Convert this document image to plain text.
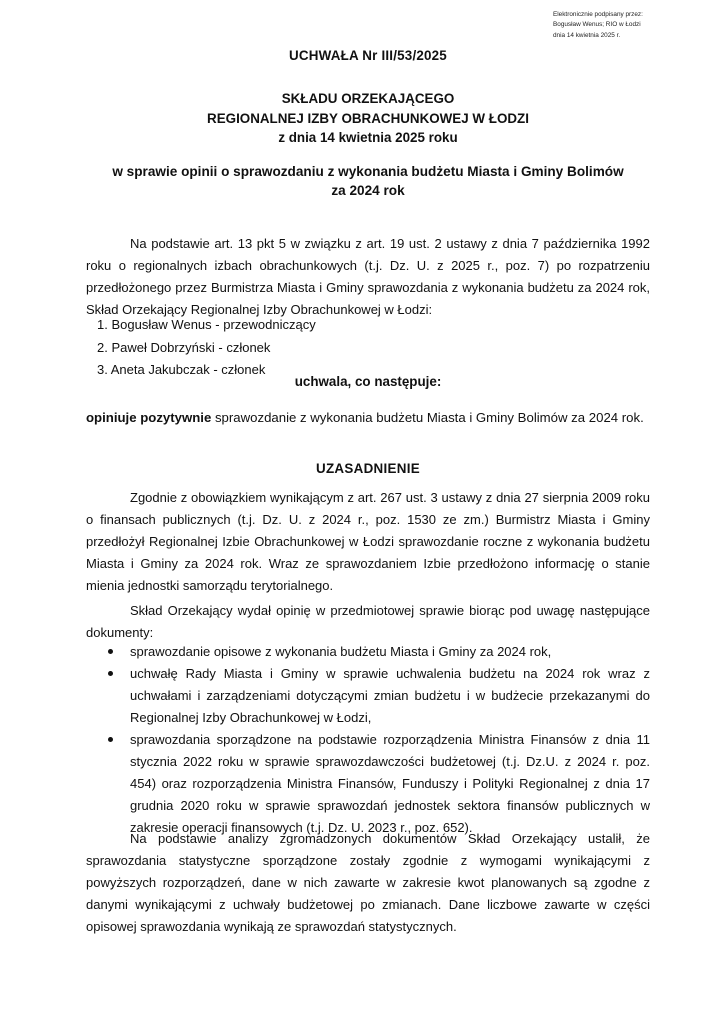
Elektronicznie podpisany przez:
Bogusław Wenus; RIO w Łodzi
dnia 14 kwietnia 2025 r.
UCHWAŁA Nr III/53/2025
SKŁADU ORZEKAJĄCEGO
REGIONALNEJ IZBY OBRACHUNKOWEJ W ŁODZI
z dnia 14 kwietnia 2025 roku
w sprawie opinii o sprawozdaniu z wykonania budżetu Miasta i Gminy Bolimów
za 2024 rok

Na podstawie art. 13 pkt 5 w związku z art. 19 ust. 2 ustawy z dnia 7 października 1992 roku o regionalnych izbach obrachunkowych (t.j. Dz. U. z 2025 r., poz. 7) po rozpatrzeniu przedłożonego przez Burmistrza Miasta i Gminy sprawozdania z wykonania budżetu za 2024 rok, Skład Orzekający Regionalnej Izby Obrachunkowej w Łodzi:

1. Bogusław Wenus - przewodniczący
2. Paweł Dobrzyński - członek
3. Aneta Jakubczak - członek
uchwala, co następuje:
opiniuje pozytywnie sprawozdanie z wykonania budżetu Miasta i Gminy Bolimów za 2024 rok.
UZASADNIENIE

Zgodnie z obowiązkiem wynikającym z art. 267 ust. 3 ustawy z dnia 27 sierpnia 2009 roku o finansach publicznych (t.j. Dz. U. z 2024 r., poz. 1530 ze zm.) Burmistrz Miasta i Gminy przedłożył Regionalnej Izbie Obrachunkowej w Łodzi sprawozdanie roczne z wykonania budżetu Miasta i Gminy za 2024 rok. Wraz ze sprawozdaniem Izbie przedłożono informację o stanie mienia jednostki samorządu terytorialnego.

Skład Orzekający wydał opinię w przedmiotowej sprawie biorąc pod uwagę następujące dokumenty:

sprawozdanie opisowe z wykonania budżetu Miasta i Gminy za 2024 rok,
uchwałę Rady Miasta i Gminy w sprawie uchwalenia budżetu na 2024 rok wraz z uchwałami i zarządzeniami dotyczącymi zmian budżetu i w budżecie przekazanymi do Regionalnej Izby Obrachunkowej w Łodzi,
sprawozdania sporządzone na podstawie rozporządzenia Ministra Finansów z dnia 11 stycznia 2022 roku w sprawie sprawozdawczości budżetowej (t.j. Dz.U. z 2024 r. poz. 454) oraz rozporządzenia Ministra Finansów, Funduszy i Polityki Regionalnej z dnia 17 grudnia 2020 roku w sprawie sprawozdań jednostek sektora finansów publicznych w zakresie operacji finansowych (t.j. Dz. U. 2023 r., poz. 652).

Na podstawie analizy zgromadzonych dokumentów Skład Orzekający ustalił, że sprawozdania statystyczne sporządzone zostały zgodnie z wymogami wynikającymi z powyższych rozporządzeń, dane w nich zawarte w zakresie kwot planowanych są zgodne z danymi wynikającymi z uchwały budżetowej po zmianach. Dane liczbowe zawarte w części opisowej sprawozdania wynikają ze sprawozdań statystycznych.
